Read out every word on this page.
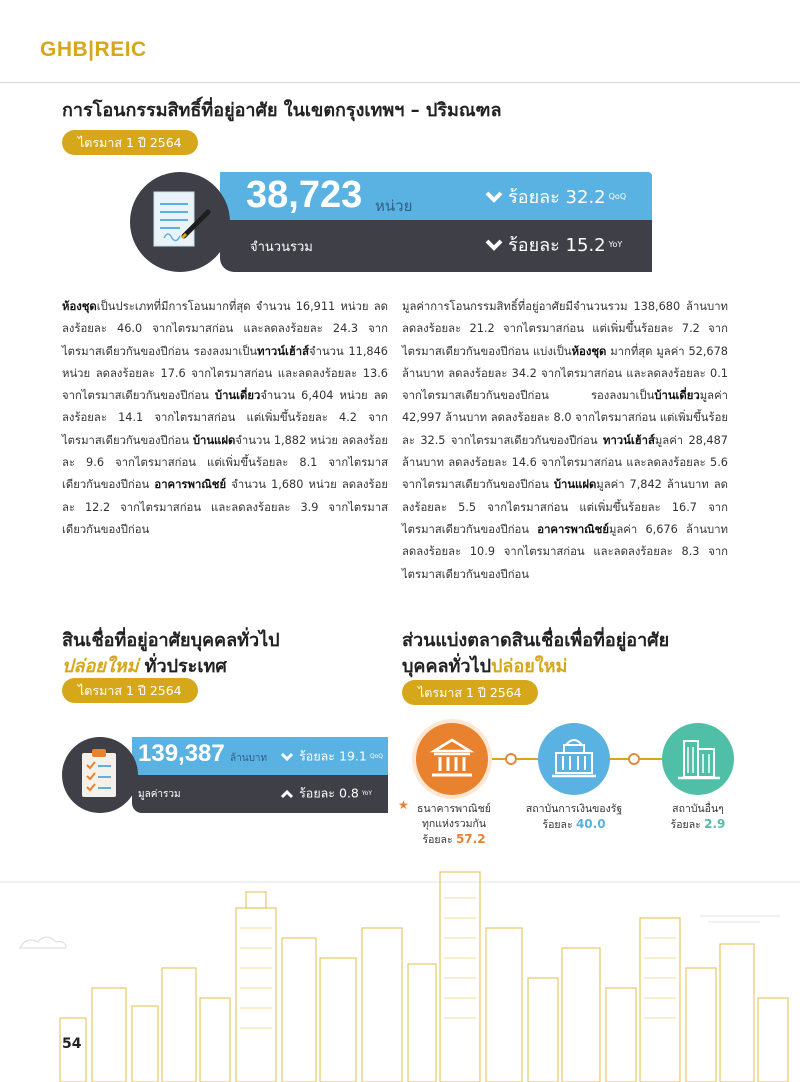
GHB|REIC
การโอนกรรมสิทธิ์ที่อยู่อาศัย ในเขตกรุงเทพฯ – ปริมณฑล
ไตรมาส 1 ปี 2564
38,723 หน่วย
จำนวนรวม
ร้อยละ 32.2 QoQ
ร้อยละ 15.2 YoY
ห้องชุดเป็นประเภทที่มีการโอนมากที่สุด จำนวน 16,911 หน่วย ลดลงร้อยละ 46.0 จากไตรมาสก่อน และลดลงร้อยละ 24.3 จากไตรมาสเดียวกันของปีก่อน รองลงมาเป็นทาวน์เฮ้าส์จำนวน 11,846 หน่วย ลดลงร้อยละ 17.6 จากไตรมาสก่อน และลดลงร้อยละ 13.6 จากไตรมาสเดียวกันของปีก่อน บ้านเดี่ยวจำนวน 6,404 หน่วย ลดลงร้อยละ 14.1 จากไตรมาสก่อน แต่เพิ่มขึ้นร้อยละ 4.2 จากไตรมาสเดียวกันของปีก่อน บ้านแฝดจำนวน 1,882 หน่วย ลดลงร้อยละ 9.6 จากไตรมาสก่อน แต่เพิ่มขึ้นร้อยละ 8.1 จากไตรมาสเดียวกันของปีก่อน อาคารพาณิชย์ จำนวน 1,680 หน่วย ลดลงร้อยละ 12.2 จากไตรมาสก่อน และลดลงร้อยละ 3.9 จากไตรมาสเดียวกันของปีก่อน
มูลค่าการโอนกรรมสิทธิ์ที่อยู่อาศัยมีจำนวนรวม 138,680 ล้านบาท ลดลงร้อยละ 21.2 จากไตรมาสก่อน แต่เพิ่มขึ้นร้อยละ 7.2 จากไตรมาสเดียวกันของปีก่อน แบ่งเป็นห้องชุด มากที่สุด มูลค่า 52,678 ล้านบาท ลดลงร้อยละ 34.2 จากไตรมาสก่อน และลดลงร้อยละ 0.1 จากไตรมาสเดียวกันของปีก่อน รองลงมาเป็นบ้านเดี่ยวมูลค่า 42,997 ล้านบาท ลดลงร้อยละ 8.0 จากไตรมาสก่อน แต่เพิ่มขึ้นร้อยละ 32.5 จากไตรมาสเดียวกันของปีก่อน ทาวน์เฮ้าส์มูลค่า 28,487 ล้านบาท ลดลงร้อยละ 14.6 จากไตรมาสก่อน และลดลงร้อยละ 5.6 จากไตรมาสเดียวกันของปีก่อน บ้านแฝดมูลค่า 7,842 ล้านบาท ลดลงร้อยละ 5.5 จากไตรมาสก่อน แต่เพิ่มขึ้นร้อยละ 16.7 จากไตรมาสเดียวกันของปีก่อน อาคารพาณิชย์มูลค่า 6,676 ล้านบาท ลดลงร้อยละ 10.9 จากไตรมาสก่อน และลดลงร้อยละ 8.3 จากไตรมาสเดียวกันของปีก่อน
สินเชื่อที่อยู่อาศัยบุคคลทั่วไป
ปล่อยใหม่ ทั่วประเทศ
ไตรมาส 1 ปี 2564
139,387 ล้านบาท
มูลค่ารวม
ร้อยละ 19.1 QoQ
ร้อยละ 0.8 YoY
ส่วนแบ่งตลาดสินเชื่อเพื่อที่อยู่อาศัย
บุคคลทั่วไปปล่อยใหม่
ไตรมาส 1 ปี 2564
★ ธนาคารพาณิชย์
ทุกแห่งรวมกัน
ร้อยละ 57.2
สถาบันการเงินของรัฐ
ร้อยละ 40.0
สถาบันอื่นๆ
ร้อยละ 2.9
54
